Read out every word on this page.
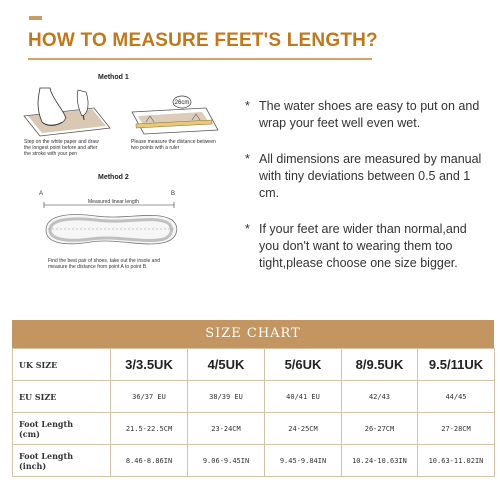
HOW TO MEASURE FEET'S LENGTH?
Method 1
26cm
Step on the white paper and draw
the longest point before and after
the stroke with your pen
Please measure the distance between
two points with a ruler
Method 2
A	B
Measured linear length
Find the best pair of shoes, take out the insole and
measure the distance from point A to point B.
* The water shoes are easy to put on and wrap your feet well even wet.
* All dimensions are measured by manual with tiny deviations between 0.5 and 1 cm.
* If your feet are wider than normal,and you don't want to wearing them too tight,please choose one size bigger.
SIZE CHART
UK SIZE	3/3.5UK	4/5UK	5/6UK	8/9.5UK	9.5/11UK
EU SIZE	36/37 EU	38/39 EU	40/41 EU	42/43	44/45
Foot Length
(cm)	21.5-22.5CM	23-24CM	24-25CM	26-27CM	27-28CM
Foot Length
(inch)	8.46-8.86IN	9.06-9.45IN	9.45-9.84IN	10.24-10.63IN	10.63-11.02IN
